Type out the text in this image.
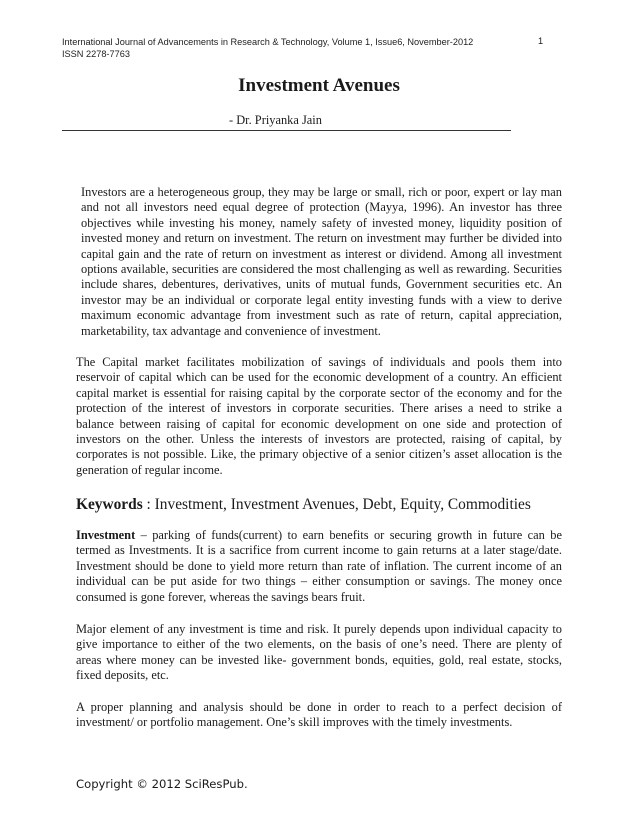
International Journal of Advancements in Research & Technology, Volume 1, Issue6, November-2012
ISSN 2278-7763
1
Investment Avenues
- Dr. Priyanka Jain

Investors are a heterogeneous group, they may be large or small, rich or poor, expert or lay man and not all investors need equal degree of protection (Mayya, 1996). An investor has three objectives while investing his money, namely safety of invested money, liquidity position of invested money and return on investment. The return on investment may further be divided into capital gain and the rate of return on investment as interest or dividend. Among all investment options available, securities are considered the most challenging as well as rewarding. Securities include shares, debentures, derivatives, units of mutual funds, Government securities etc. An investor may be an individual or corporate legal entity investing funds with a view to derive maximum economic advantage from investment such as rate of return, capital appreciation, marketability, tax advantage and convenience of investment.

The Capital market facilitates mobilization of savings of individuals and pools them into reservoir of capital which can be used for the economic development of a country. An efficient capital market is essential for raising capital by the corporate sector of the economy and for the protection of the interest of investors in corporate securities. There arises a need to strike a balance between raising of capital for economic development on one side and protection of investors on the other. Unless the interests of investors are protected, raising of capital, by corporates is not possible. Like, the primary objective of a senior citizen’s asset allocation is the generation of regular income.

Keywords : Investment, Investment Avenues, Debt, Equity, Commodities

Investment – parking of funds(current) to earn benefits or securing growth in future can be termed as Investments. It is a sacrifice from current income to gain returns at a later stage/date. Investment should be done to yield more return than rate of inflation. The current income of an individual can be put aside for two things – either consumption or savings. The money once consumed is gone forever, whereas the savings bears fruit.

Major element of any investment is time and risk. It purely depends upon individual capacity to give importance to either of the two elements, on the basis of one’s need. There are plenty of areas where money can be invested like- government bonds, equities, gold, real estate, stocks, fixed deposits, etc.

A proper planning and analysis should be done in order to reach to a perfect decision of investment/ or portfolio management. One’s skill improves with the timely investments.

Copyright © 2012 SciResPub.
